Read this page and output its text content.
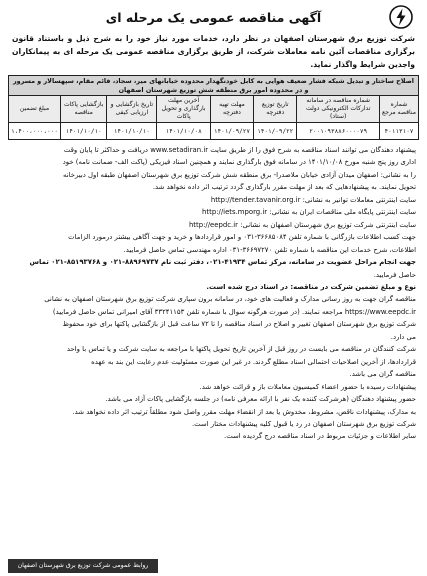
آگهی مناقصه عمومی یک مرحله ای
شرکت توزیع برق شهرستان اصفهان در نظر دارد، خدمات مورد نیاز خود را به شرح ذیل و باستناد قانون برگزاری مناقصات آئین نامه معاملات شرکت، از طریق برگزاری مناقصه عمومی یک مرحله ای به پیمانکاران واجدین شرایط واگذار نماید.
اصلاح ساختار و تبدیل شبکه فشار ضعیف هوایی به کابل خودنگهدار محدوده خیابانهای میر، سجاد، قائم مقام، سپهسالار و مسرور و در محدوده امور برق منطقه شش توزیع شهرستان اصفهان							
شماره مناقصه مرجع	شماره مناقصه در سامانه تدارکات الکترونیکی دولت (ستاد)	تاریخ توزیع دفترچه	مهلت تهیه دفترچه	آخرین مهلت بارگذاری و تحویل پاکات	تاریخ بازگشایی و ارزیابی کیفی	بازگشایی پاکات مناقصه	مبلغ تضمین
۴۰۱۱۳۱۰۷	۲۰۰۱۰۹۳۸۸۶۰۰۰۰۷۹	۱۴۰۱/۰۹/۲۲	۱۴۰۱/۰۹/۲۷	۱۴۰۱/۱۰/۰۸	۱۴۰۱/۱۰/۱۰	۱۴۰۱/۱۰/۱۰	۱،۴۰۰،۰۰۰،۰۰۰

پیشنهاد دهندگان می توانند اسناد مناقصه به شرح فوق را از طریق سایت www.setadiran.ir دریافت و حداکثر تا پایان وقت

اداری روز پنج شنبه مورخ ۱۴۰۱/۱۰/۰۸ در سامانه فوق بارگذاری نمایند و همچنین اسناد فیزیکی (پاکت الف- ضمانت نامه) خود

را به نشانی: اصفهان میدان آزادی خیابان ملاصدرا- برق منطقه شش شرکت توزیع برق شهرستان اصفهان طبقه اول دبیرخانه

تحویل نمایند. به پیشنهادهایی که بعد از مهلت مقرر بارگذاری گردد ترتیب اثر داده نخواهد شد.

سایت اینترنتی معاملات توانیر به نشانی: http://tender.tavanir.org.ir

سایت اینترنتی پایگاه ملی مناقصات ایران به نشانی: http://iets.mporg.ir

سایت اینترنتی شرکت توزیع برق شهرستان اصفهان به نشانی: http://eepdc.ir

جهت کسب اطلاعات بازرگانی با شماره تلفن ۳۶۶۸۵۰۸۴-۰۳۱ و امور قراردادها و خرید و جهت آگاهی بیشتر درمورد الزامات

اطلاعات، شرح خدمات این مناقصه با شماره تلفن ۳۶۶۹۷۲۷۰-۰۳۱ اداره مهندسی تماس حاصل فرمایید.

جهت انجام مراحل عضویت در سامانه، مرکز تماس ۴۱۹۳۴-۰۲۱، دفتر ثبت نام ۸۸۹۶۹۷۳۷-۰۲۱ و ۸۵۱۹۳۷۶۸-۰۲۱ تماس

حاصل فرمایید.

نوع و مبلغ تضمین شرکت در مناقصه: در اسناد درج شده است.

مناقصه گران جهت به روز رسانی مدارک و فعالیت های خود، در سامانه برون سپاری شرکت توزیع برق شهرستان اصفهان به نشانی

https://www.eepdc.ir مراجعه نمایند. (در صورت هرگونه سوال با شماره تلفن ۳۳۲۴۱۱۵۳ آقای امیرانی تماس حاصل فرمایید)

شرکت توزیع برق شهرستان اصفهان تغییر و اصلاح در اسناد مناقصه را تا ۷۲ ساعت قبل از بازگشایی پاکتها برای خود محفوظ

می دارد.

شرکت کنندگان در مناقصه می بایست در روز قبل از آخرین تاریخ تحویل پاکتها با مراجعه به سایت شرکت و یا تماس با واحد

قراردادها، از آخرین اصلاحیات احتمالی اسناد مطلع گردند. در غیر این صورت مسئولیت عدم رعایت این بند به عهده

مناقصه گران می باشد.

پیشنهادات رسیده با حضور اعضاء کمیسیون معاملات باز و قرائت خواهد شد.

حضور پیشنهاد دهندگان (هرشرکت کننده یک نفر با ارائه معرفی نامه) در جلسه بازگشایی پاکات آزاد می باشد.

به مدارک، پیشنهادات ناقص، مشروط، مخدوش یا بعد از انقضاء مهلت مقرر واصل شود مطلقاً ترتیب اثر داده نخواهد شد.

شرکت توزیع برق شهرستان اصفهان در رد یا قبول کلیه پیشنهادات مختار است.

سایر اطلاعات و جزئیات مربوط در اسناد مناقصه درج گردیده است.

روابط عمومی شرکت توزیع برق شهرستان اصفهان
